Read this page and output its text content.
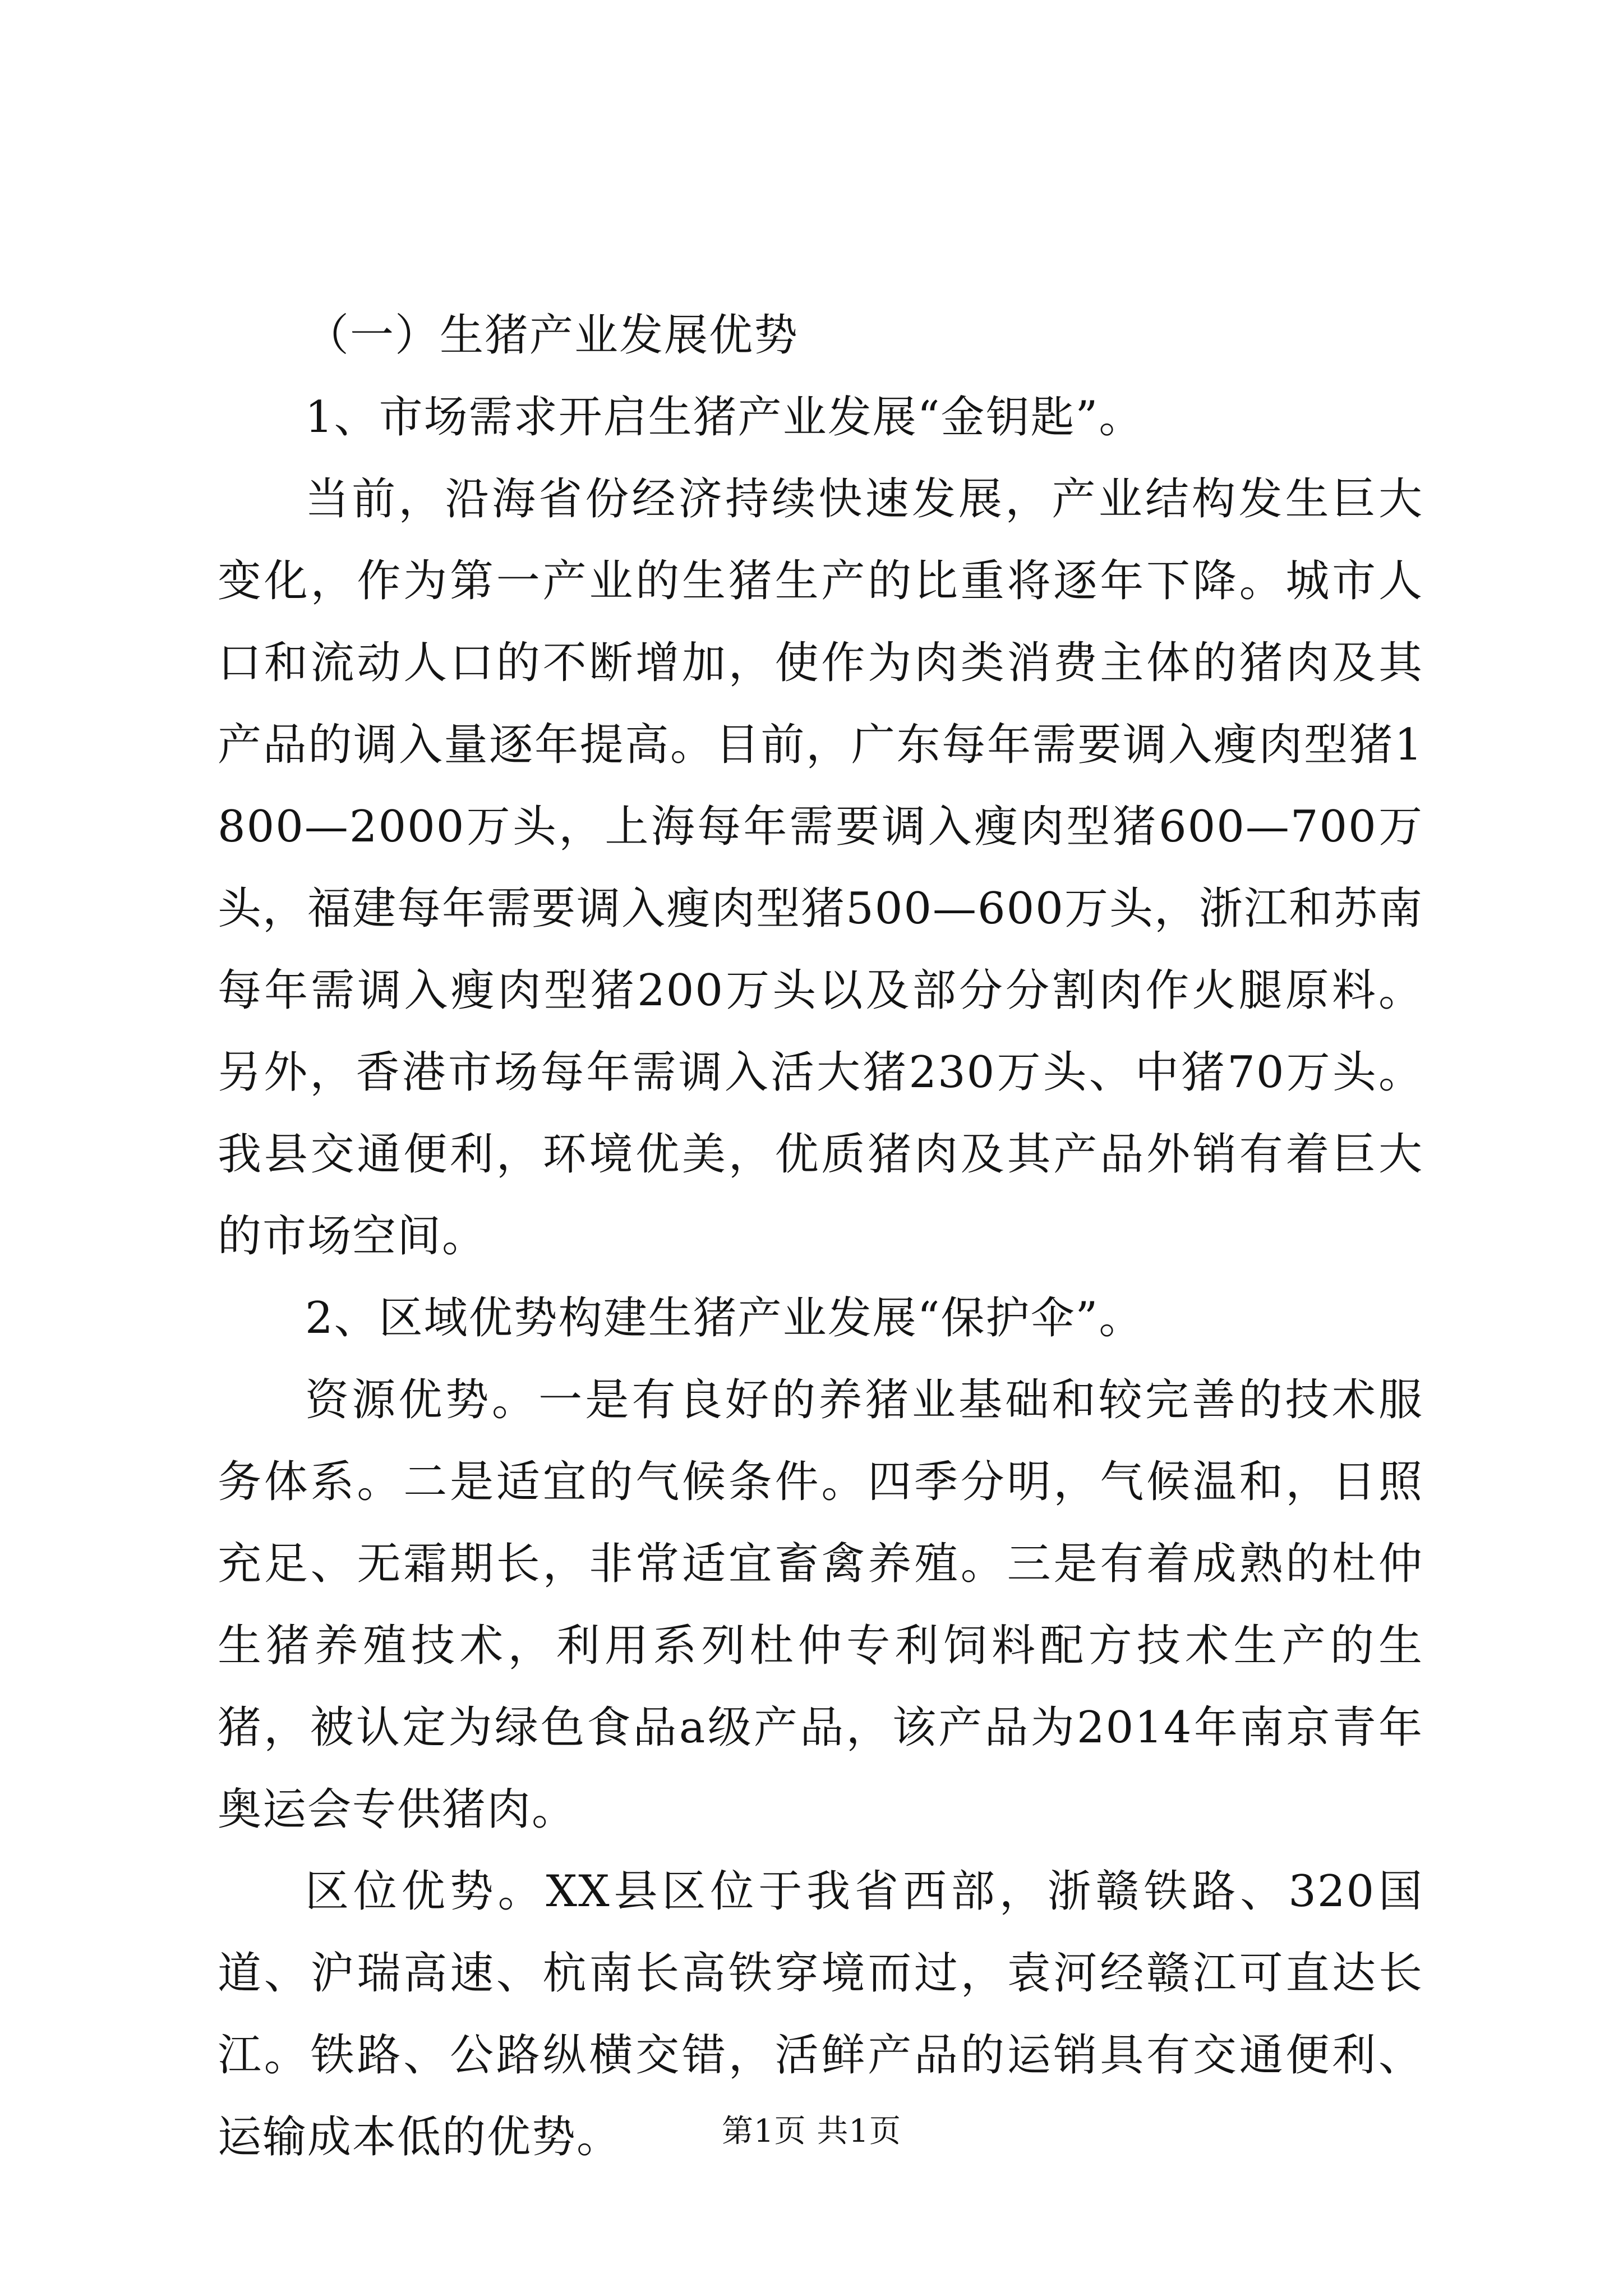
（一）生猪产业发展优势

1、市场需求开启生猪产业发展“金钥匙”。

当前，沿海省份经济持续快速发展，产业结构发生巨大变化，作为第一产业的生猪生产的比重将逐年下降。城市人口和流动人口的不断增加，使作为肉类消费主体的猪肉及其产品的调入量逐年提高。目前，广东每年需要调入瘦肉型猪1800—2000万头，上海每年需要调入瘦肉型猪600—700万头，福建每年需要调入瘦肉型猪500—600万头，浙江和苏南每年需调入瘦肉型猪200万头以及部分分割肉作火腿原料。另外，香港市场每年需调入活大猪230万头、中猪70万头。我县交通便利，环境优美，优质猪肉及其产品外销有着巨大的市场空间。

2、区域优势构建生猪产业发展“保护伞”。

资源优势。一是有良好的养猪业基础和较完善的技术服务体系。二是适宜的气候条件。四季分明，气候温和，日照充足、无霜期长，非常适宜畜禽养殖。三是有着成熟的杜仲生猪养殖技术，利用系列杜仲专利饲料配方技术生产的生猪，被认定为绿色食品a级产品，该产品为2014年南京青年奥运会专供猪肉。

区位优势。XX县区位于我省西部，浙赣铁路、320国道、沪瑞高速、杭南长高铁穿境而过，袁河经赣江可直达长江。铁路、公路纵横交错，活鲜产品的运销具有交通便利、运输成本低的优势。	第1页 共1页
